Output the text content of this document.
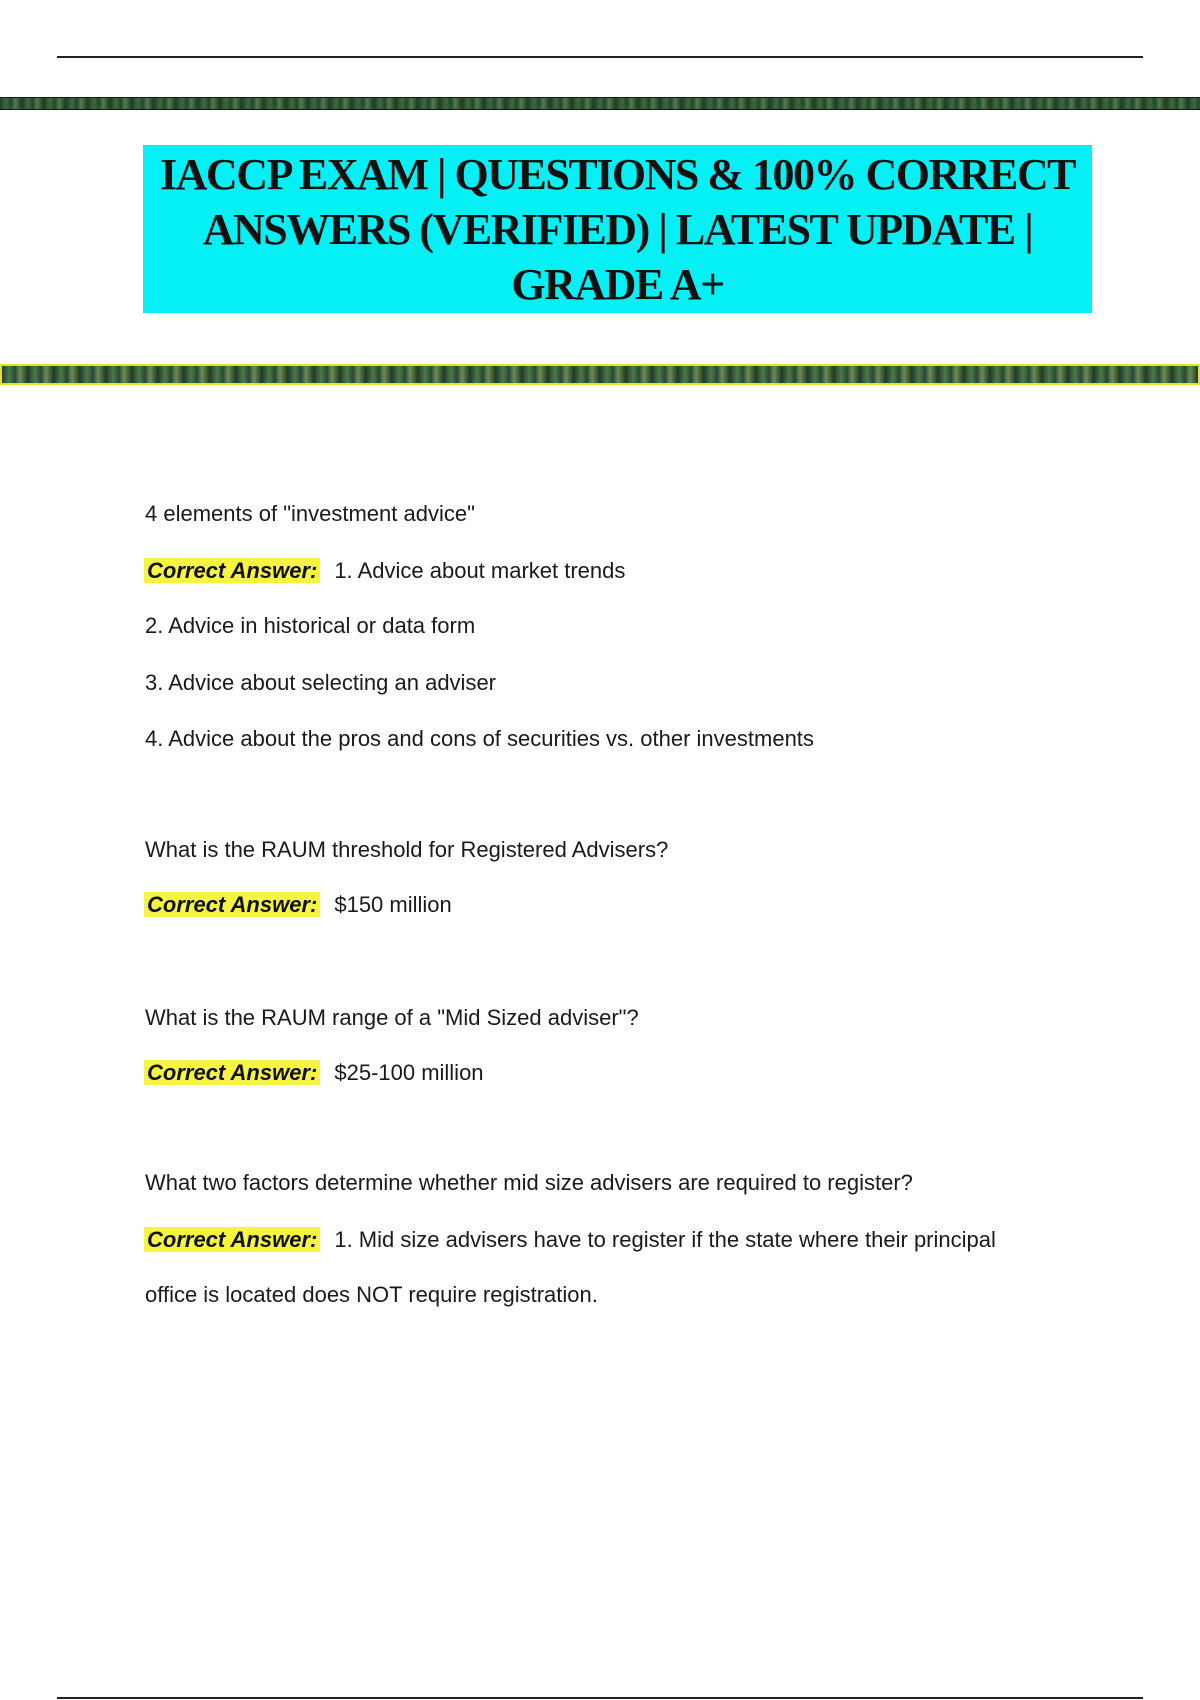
IACCP EXAM | QUESTIONS & 100% CORRECT ANSWERS (VERIFIED) | LATEST UPDATE | GRADE A+
4 elements of "investment advice"
Correct Answer: 1. Advice about market trends
2. Advice in historical or data form
3. Advice about selecting an adviser
4. Advice about the pros and cons of securities vs. other investments
What is the RAUM threshold for Registered Advisers?
Correct Answer: $150 million
What is the RAUM range of a "Mid Sized adviser"?
Correct Answer: $25-100 million
What two factors determine whether mid size advisers are required to register?
Correct Answer: 1. Mid size advisers have to register if the state where their principal
office is located does NOT require registration.
